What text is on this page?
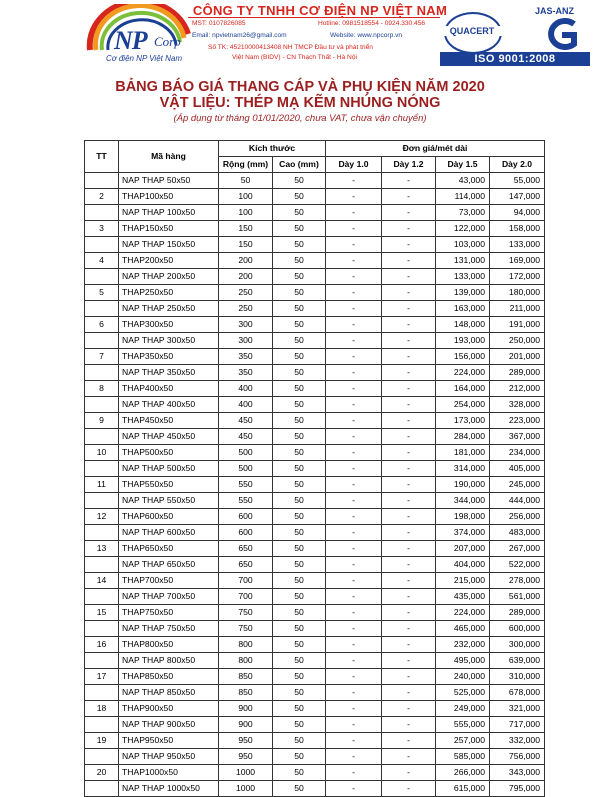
NP Corp
Cơ điện NP Việt Nam
CÔNG TY TNHH CƠ ĐIỆN NP VIỆT NAM
MST: 0107826085	Hotline: 0981518554 - 0924.330.456
Email: npvietnam26@gmail.com	Website: www.npcorp.vn
Số TK: 45210000413408 NH TMCP Đầu tư và phát triển
Việt Nam (BIDV) - CN Thạch Thất - Hà Nội
QUACERT
JAS-ANZ
ISO 9001:2008
BẢNG BÁO GIÁ THANG CÁP VÀ PHỤ KIỆN NĂM 2020
VẬT LIỆU: THÉP MẠ KẼM NHÚNG NÓNG
(Áp dụng từ tháng 01/01/2020, chưa VAT, chưa vận chuyển)
TT	Mã hàng	Kích thước		Đơn giá/mét dài			
		Rộng (mm)	Cao (mm)	Dày 1.0	Dày 1.2	Dày 1.5	Dày 2.0
	NAP THAP 50x50	50	50	-	-	43,000	55,000
2	THAP100x50	100	50	-	-	114,000	147,000
	NAP THAP 100x50	100	50	-	-	73,000	94,000
3	THAP150x50	150	50	-	-	122,000	158,000
	NAP THAP 150x50	150	50	-	-	103,000	133,000
4	THAP200x50	200	50	-	-	131,000	169,000
	NAP THAP 200x50	200	50	-	-	133,000	172,000
5	THAP250x50	250	50	-	-	139,000	180,000
	NAP THAP 250x50	250	50	-	-	163,000	211,000
6	THAP300x50	300	50	-	-	148,000	191,000
	NAP THAP 300x50	300	50	-	-	193,000	250,000
7	THAP350x50	350	50	-	-	156,000	201,000
	NAP THAP 350x50	350	50	-	-	224,000	289,000
8	THAP400x50	400	50	-	-	164,000	212,000
	NAP THAP 400x50	400	50	-	-	254,000	328,000
9	THAP450x50	450	50	-	-	173,000	223,000
	NAP THAP 450x50	450	50	-	-	284,000	367,000
10	THAP500x50	500	50	-	-	181,000	234,000
	NAP THAP 500x50	500	50	-	-	314,000	405,000
11	THAP550x50	550	50	-	-	190,000	245,000
	NAP THAP 550x50	550	50	-	-	344,000	444,000
12	THAP600x50	600	50	-	-	198,000	256,000
	NAP THAP 600x50	600	50	-	-	374,000	483,000
13	THAP650x50	650	50	-	-	207,000	267,000
	NAP THAP 650x50	650	50	-	-	404,000	522,000
14	THAP700x50	700	50	-	-	215,000	278,000
	NAP THAP 700x50	700	50	-	-	435,000	561,000
15	THAP750x50	750	50	-	-	224,000	289,000
	NAP THAP 750x50	750	50	-	-	465,000	600,000
16	THAP800x50	800	50	-	-	232,000	300,000
	NAP THAP 800x50	800	50	-	-	495,000	639,000
17	THAP850x50	850	50	-	-	240,000	310,000
	NAP THAP 850x50	850	50	-	-	525,000	678,000
18	THAP900x50	900	50	-	-	249,000	321,000
	NAP THAP 900x50	900	50	-	-	555,000	717,000
19	THAP950x50	950	50	-	-	257,000	332,000
	NAP THAP 950x50	950	50	-	-	585,000	756,000
20	THAP1000x50	1000	50	-	-	266,000	343,000
	NAP THAP 1000x50	1000	50	-	-	615,000	795,000
